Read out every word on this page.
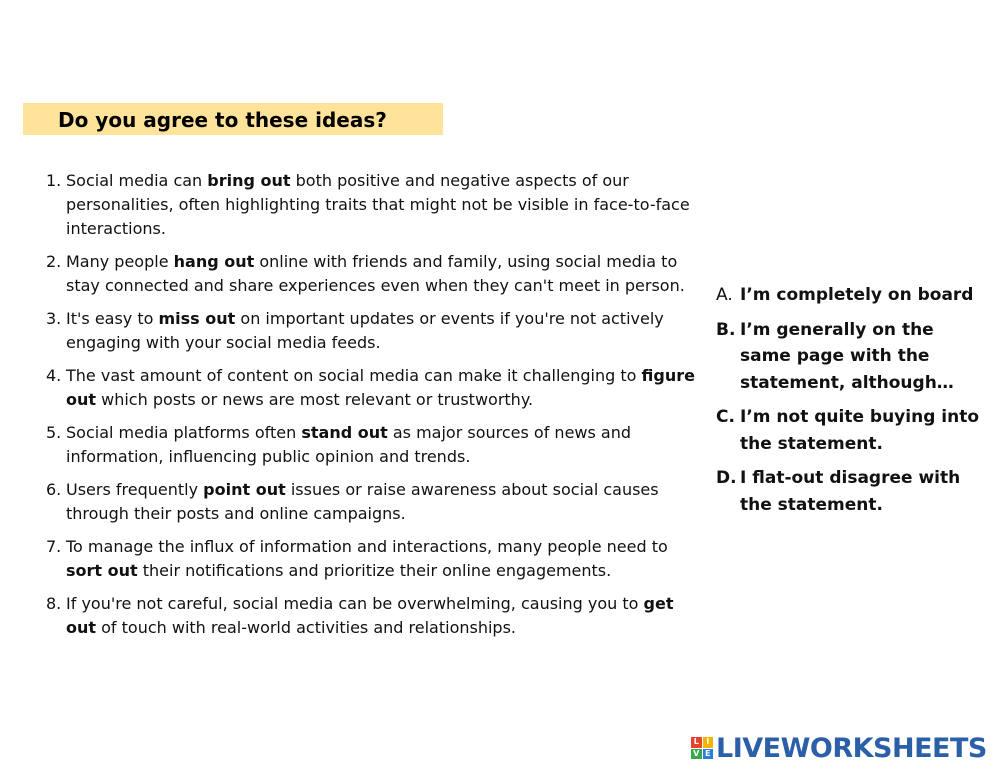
Do you agree to these ideas?
1. Social media can bring out both positive and negative aspects of our personalities, often highlighting traits that might not be visible in face-to-face interactions.
2. Many people hang out online with friends and family, using social media to stay connected and share experiences even when they can't meet in person.
3. It's easy to miss out on important updates or events if you're not actively engaging with your social media feeds.
4. The vast amount of content on social media can make it challenging to figure out which posts or news are most relevant or trustworthy.
5. Social media platforms often stand out as major sources of news and information, influencing public opinion and trends.
6. Users frequently point out issues or raise awareness about social causes through their posts and online campaigns.
7. To manage the influx of information and interactions, many people need to sort out their notifications and prioritize their online engagements.
8. If you're not careful, social media can be overwhelming, causing you to get out of touch with real-world activities and relationships.
A. I’m completely on board
B. I’m generally on the same page with the statement, although…
C. I’m not quite buying into the statement.
D. I flat-out disagree with the statement.
L I
V E LIVEWORKSHEETS
